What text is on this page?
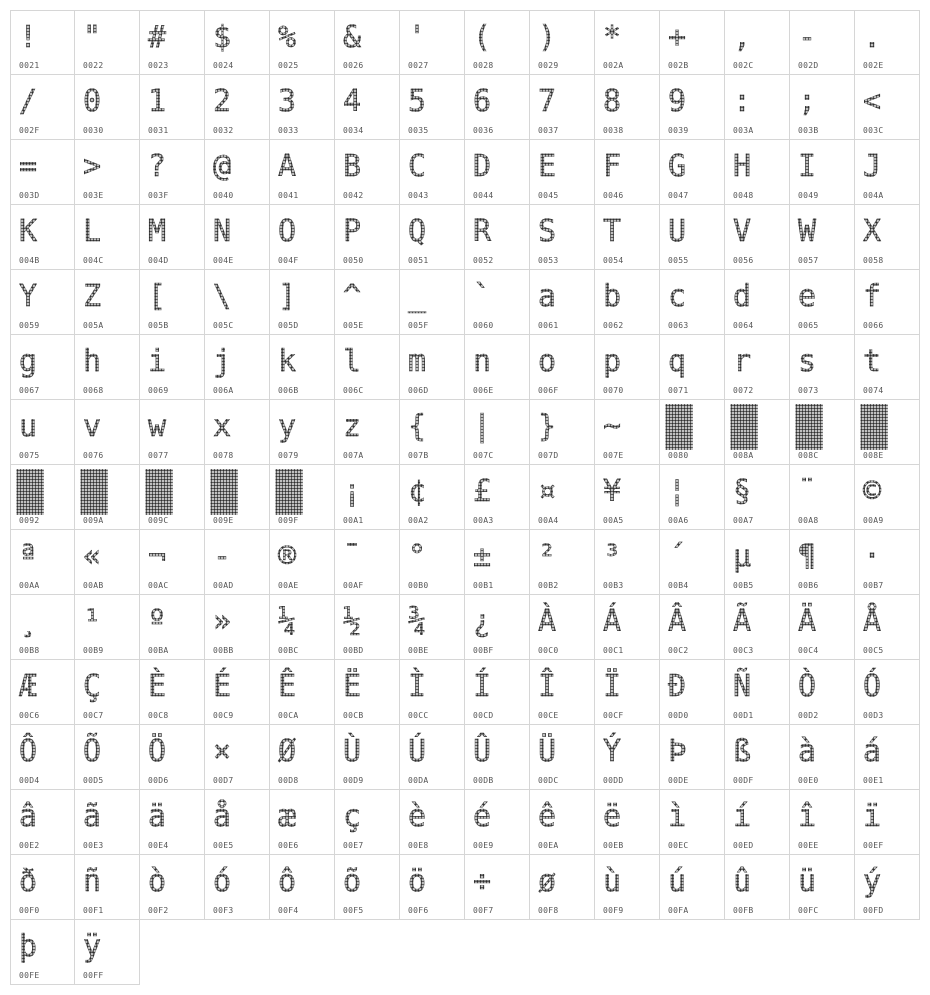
!
0021
"
0022
#
0023
$
0024
%
0025
&
0026
'
0027
(
0028
)
0029
*
002A
+
002B
,
002C
-
002D
.
002E
/
002F
0
0030
1
0031
2
0032
3
0033
4
0034
5
0035
6
0036
7
0037
8
0038
9
0039
:
003A
;
003B
<
003C
=
003D
>
003E
?
003F
@
0040
A
0041
B
0042
C
0043
D
0044
E
0045
F
0046
G
0047
H
0048
I
0049
J
004A
K
004B
L
004C
M
004D
N
004E
O
004F
P
0050
Q
0051
R
0052
S
0053
T
0054
U
0055
V
0056
W
0057
X
0058
Y
0059
Z
005A
[
005B
\
005C
]
005D
^
005E
_
005F
`
0060
a
0061
b
0062
c
0063
d
0064
e
0065
f
0066
g
0067
h
0068
i
0069
j
006A
k
006B
l
006C
m
006D
n
006E
o
006F
p
0070
q
0071
r
0072
s
0073
t
0074
u
0075
v
0076
w
0077
x
0078
y
0079
z
007A
{
007B
|
007C
}
007D
~
007E
█
0080
█
008A
█
008C
█
008E
█
0092
█
009A
█
009C
█
009E
█
009F
¡
00A1
¢
00A2
£
00A3
¤
00A4
¥
00A5
¦
00A6
§
00A7
¨
00A8
©
00A9
ª
00AA
«
00AB
¬
00AC
-
00AD
®
00AE
¯
00AF
°
00B0
±
00B1
²
00B2
³
00B3
´
00B4
µ
00B5
¶
00B6
·
00B7
¸
00B8
¹
00B9
º
00BA
»
00BB
¼
00BC
½
00BD
¾
00BE
¿
00BF
À
00C0
Á
00C1
Â
00C2
Ã
00C3
Ä
00C4
Å
00C5
Æ
00C6
Ç
00C7
È
00C8
É
00C9
Ê
00CA
Ë
00CB
Ì
00CC
Í
00CD
Î
00CE
Ï
00CF
Ð
00D0
Ñ
00D1
Ò
00D2
Ó
00D3
Ô
00D4
Õ
00D5
Ö
00D6
×
00D7
Ø
00D8
Ù
00D9
Ú
00DA
Û
00DB
Ü
00DC
Ý
00DD
Þ
00DE
ß
00DF
à
00E0
á
00E1
â
00E2
ã
00E3
ä
00E4
å
00E5
æ
00E6
ç
00E7
è
00E8
é
00E9
ê
00EA
ë
00EB
ì
00EC
í
00ED
î
00EE
ï
00EF
ð
00F0
ñ
00F1
ò
00F2
ó
00F3
ô
00F4
õ
00F5
ö
00F6
÷
00F7
ø
00F8
ù
00F9
ú
00FA
û
00FB
ü
00FC
ý
00FD
þ
00FE
ÿ
00FF
